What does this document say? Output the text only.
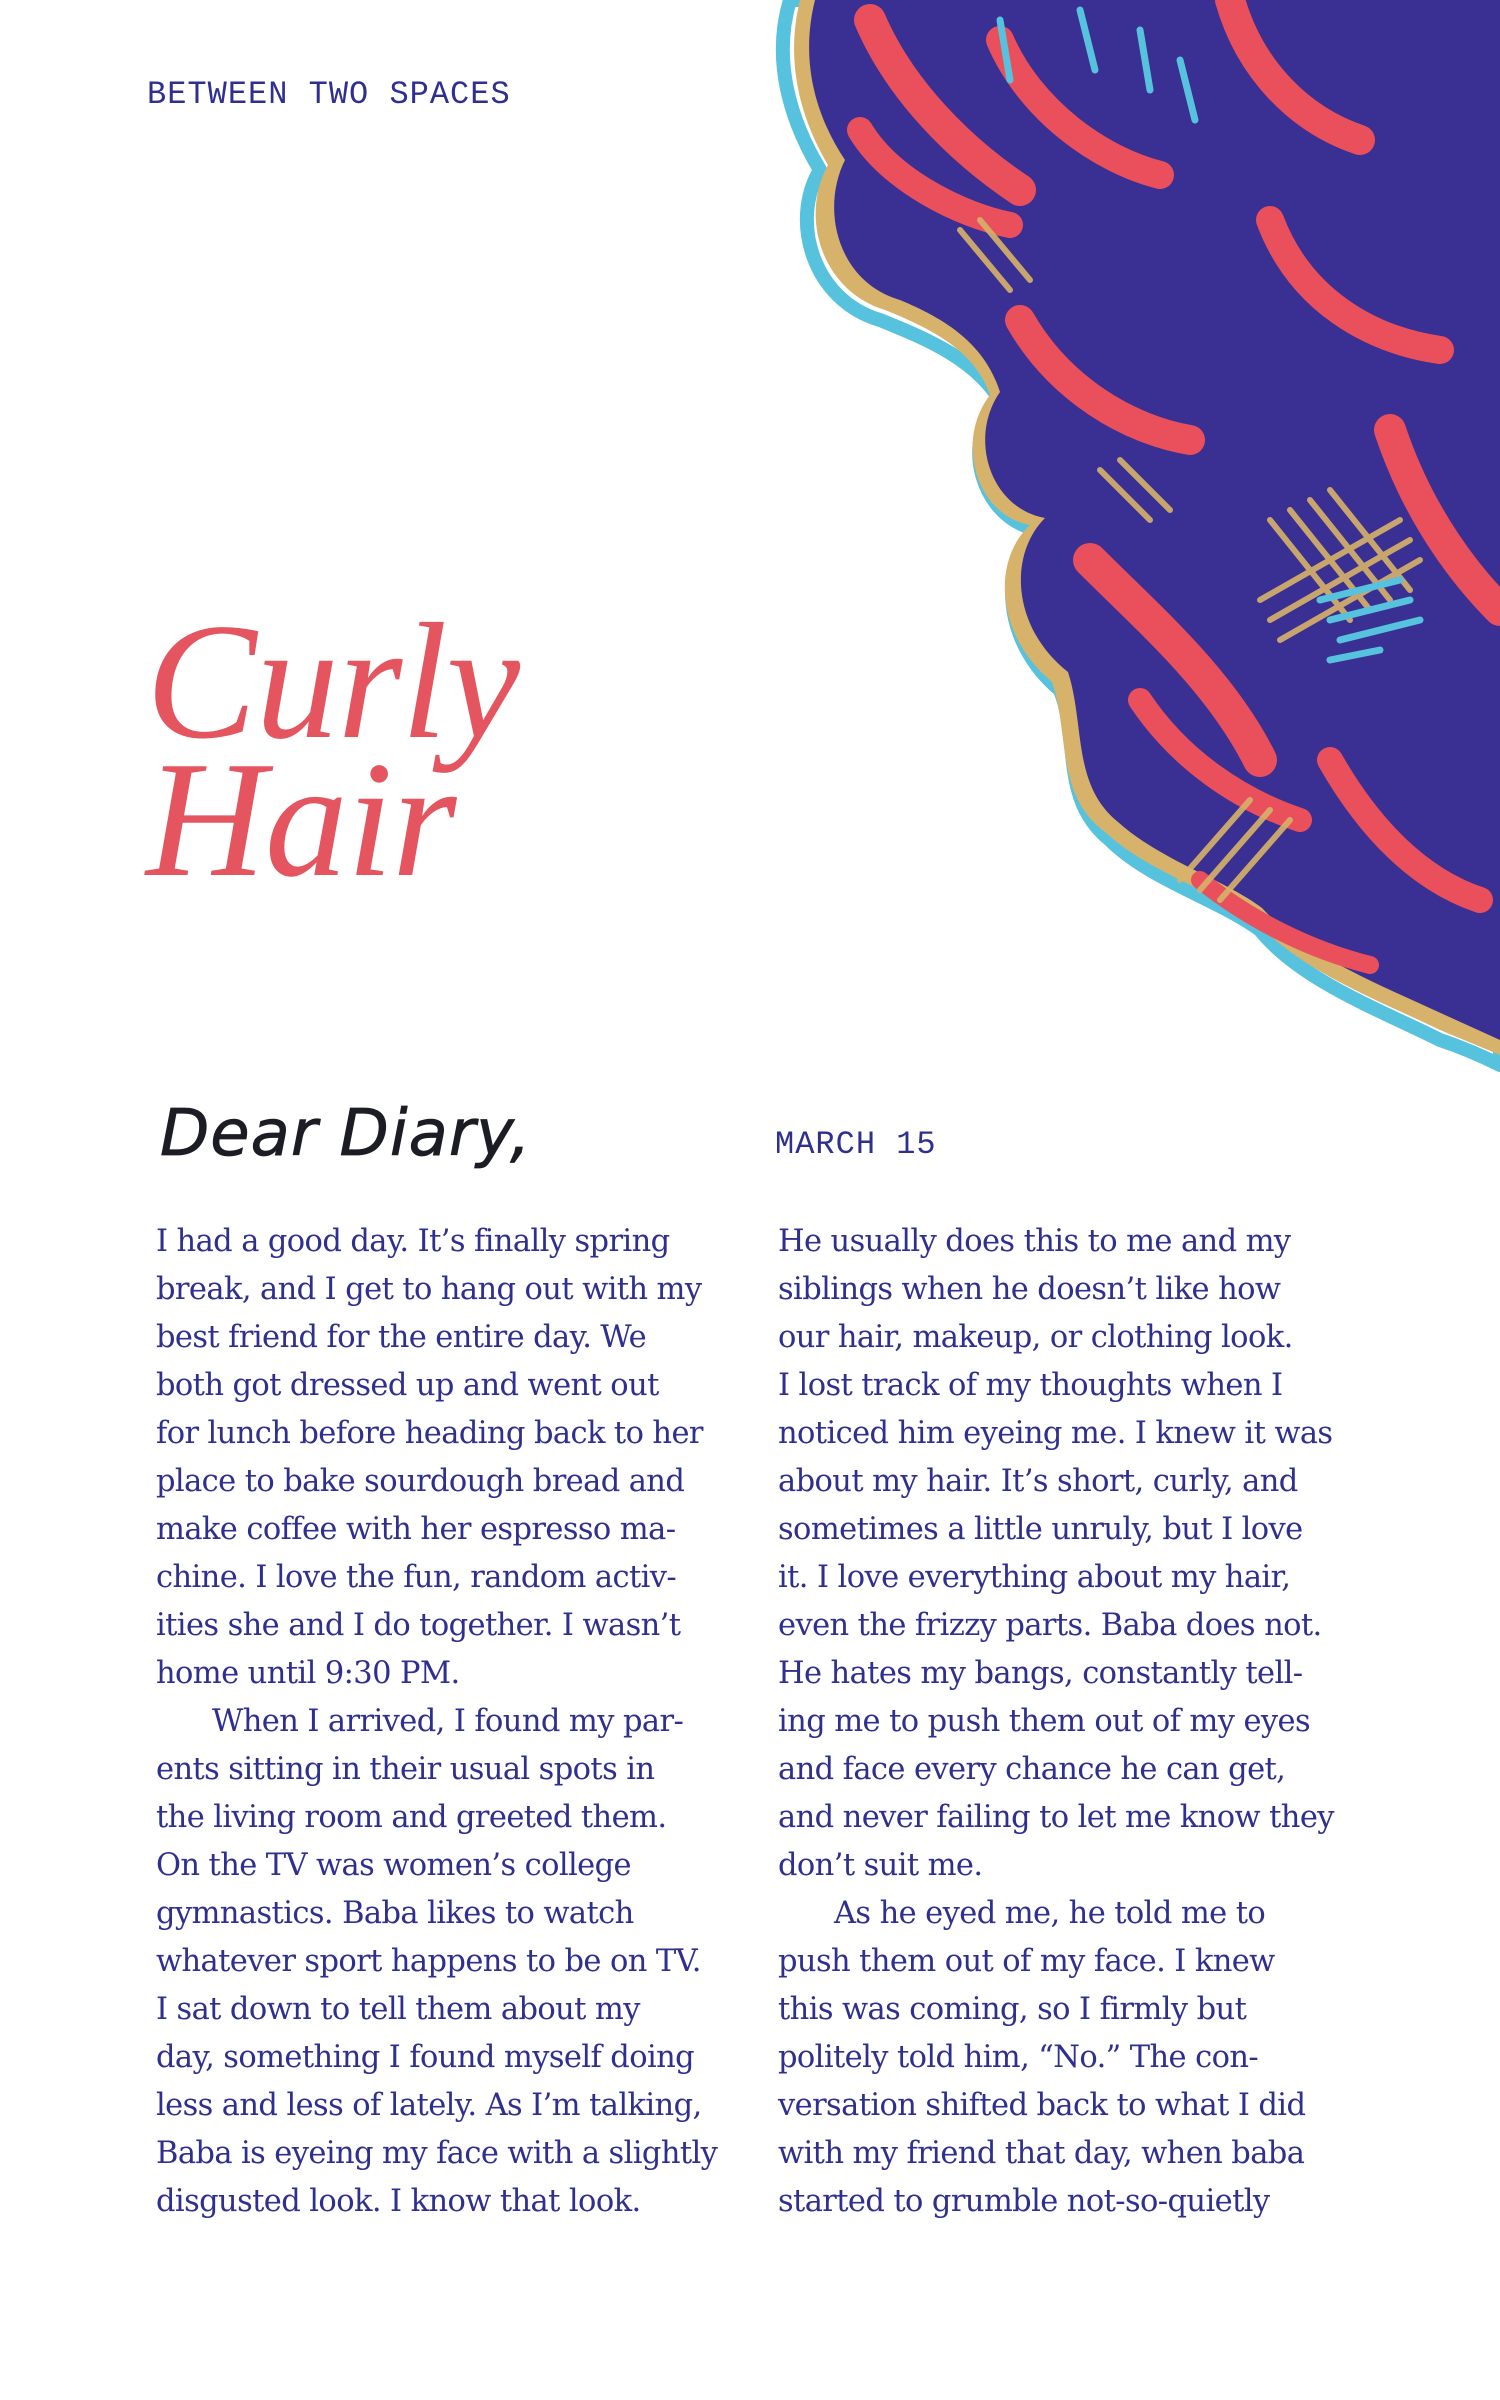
BETWEEN TWO SPACES
Curly
Hair
Dear Diary,	MARCH 15
I had a good day. It’s finally spring
break, and I get to hang out with my
best friend for the entire day. We
both got dressed up and went out
for lunch before heading back to her
place to bake sourdough bread and
make coffee with her espresso ma-
chine. I love the fun, random activ-
ities she and I do together. I wasn’t
home until 9:30 PM.
When I arrived, I found my par-
ents sitting in their usual spots in
the living room and greeted them.
On the TV was women’s college
gymnastics. Baba likes to watch
whatever sport happens to be on TV.
I sat down to tell them about my
day, something I found myself doing
less and less of lately. As I’m talking,
Baba is eyeing my face with a slightly
disgusted look. I know that look.
He usually does this to me and my
siblings when he doesn’t like how
our hair, makeup, or clothing look.
I lost track of my thoughts when I
noticed him eyeing me. I knew it was
about my hair. It’s short, curly, and
sometimes a little unruly, but I love
it. I love everything about my hair,
even the frizzy parts. Baba does not.
He hates my bangs, constantly tell-
ing me to push them out of my eyes
and face every chance he can get,
and never failing to let me know they
don’t suit me.
As he eyed me, he told me to
push them out of my face. I knew
this was coming, so I firmly but
politely told him, “No.” The con-
versation shifted back to what I did
with my friend that day, when baba
started to grumble not-so-quietly
